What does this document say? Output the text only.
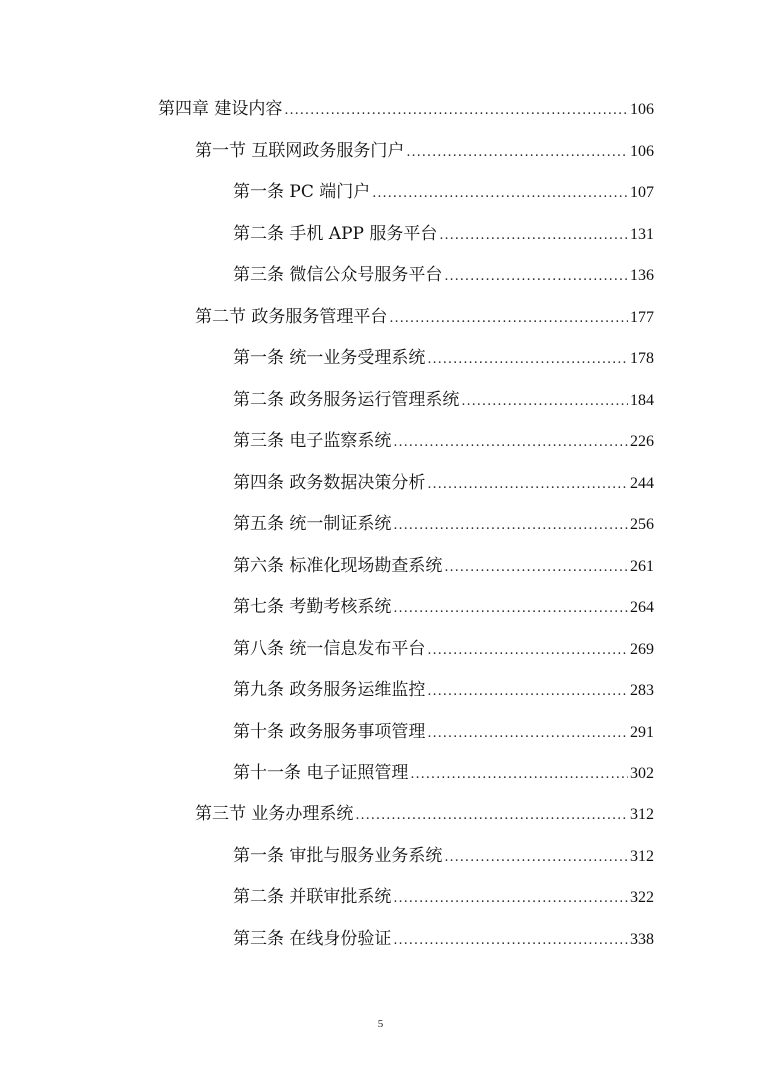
第四章 建设内容 .....	106
第一节 互联网政务服务门户 .....	106
第一条 PC 端门户 .....	107
第二条 手机 APP 服务平台 .....	131
第三条 微信公众号服务平台 .....	136
第二节 政务服务管理平台 .....	177
第一条 统一业务受理系统 .....	178
第二条 政务服务运行管理系统 .....	184
第三条 电子监察系统 .....	226
第四条 政务数据决策分析 .....	244
第五条 统一制证系统 .....	256
第六条 标准化现场勘查系统 .....	261
第七条 考勤考核系统 .....	264
第八条 统一信息发布平台 .....	269
第九条 政务服务运维监控 .....	283
第十条 政务服务事项管理 .....	291
第十一条 电子证照管理 .....	302
第三节 业务办理系统 .....	312
第一条 审批与服务业务系统 .....	312
第二条 并联审批系统 .....	322
第三条 在线身份验证 .....	338
5
